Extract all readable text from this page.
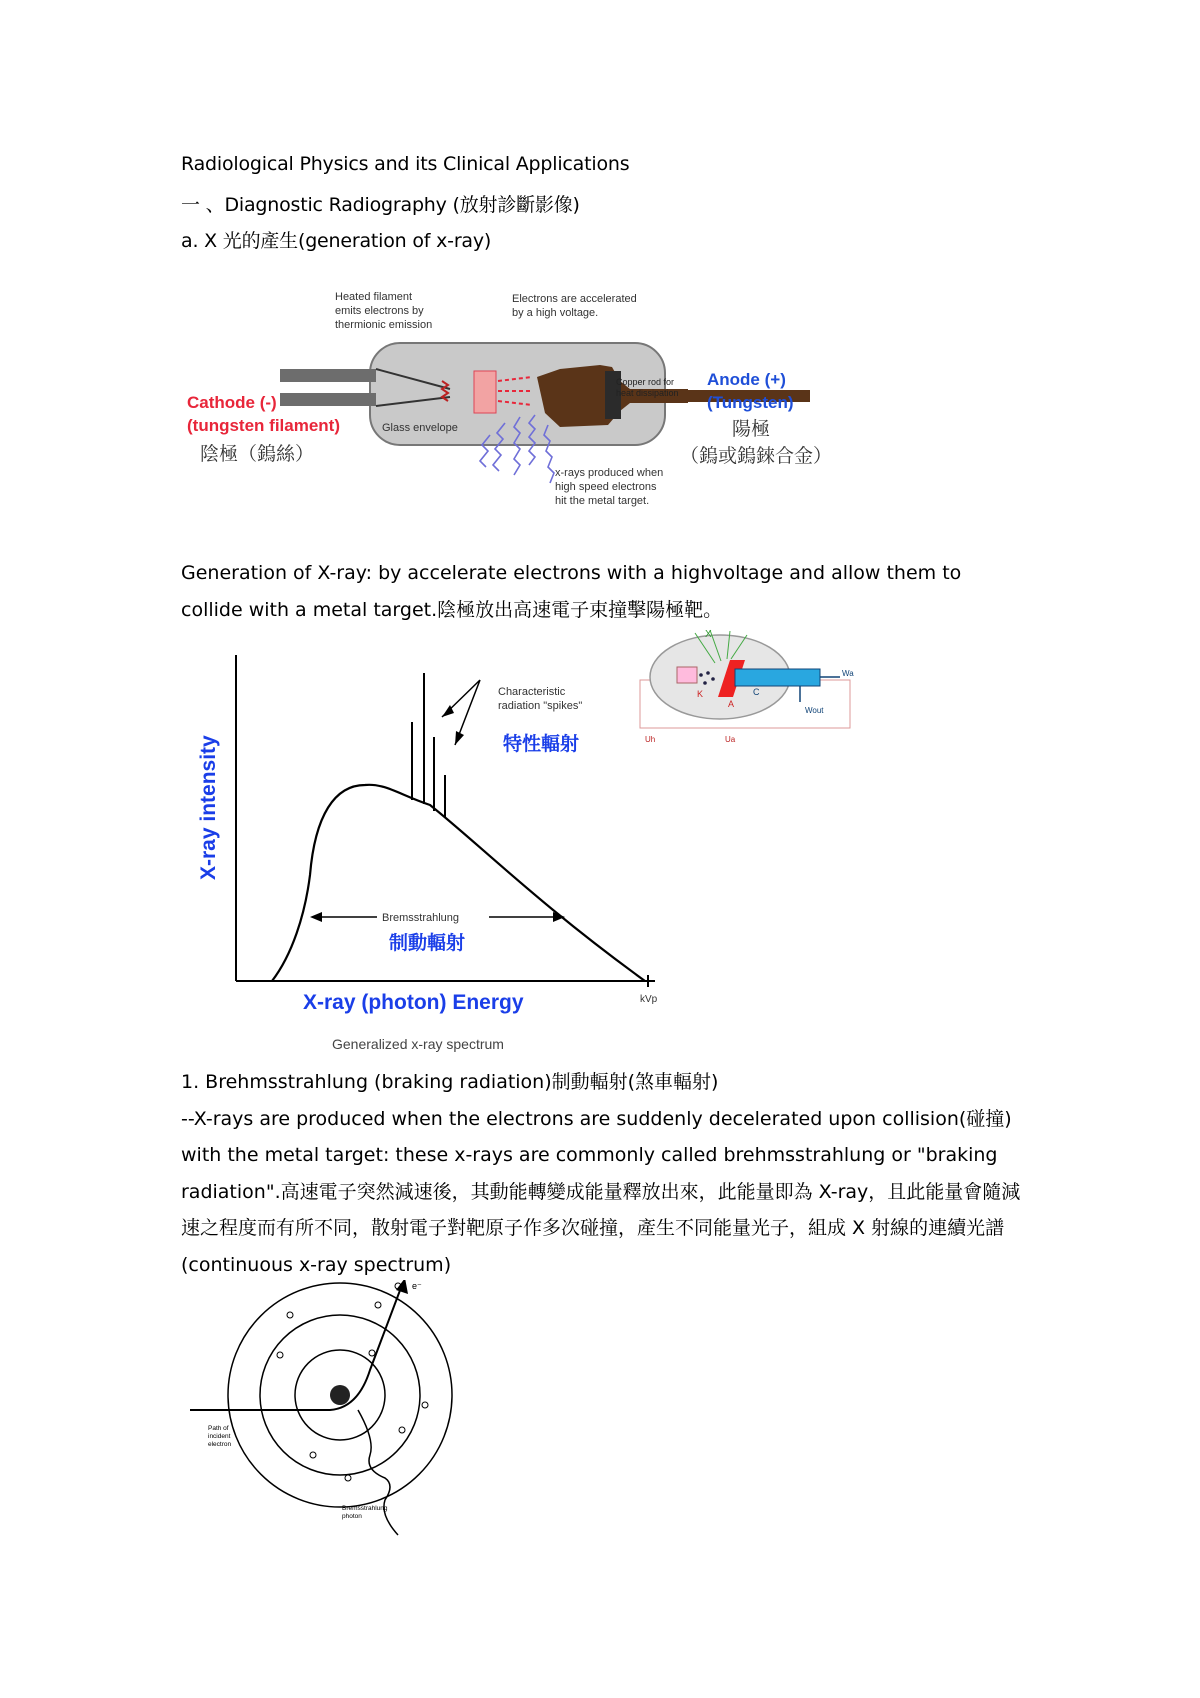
Radiological Physics and its Clinical Applications
一 、Diagnostic Radiography (放射診斷影像)
a. X 光的產生(generation of x-ray)
Heated filament
emits electrons by
thermionic emission
Electrons are accelerated
by a high voltage.
Copper rod for
heat dissipation
Glass envelope
x-rays produced when
high speed electrons
hit the metal target.
Cathode (-)
(tungsten filament)
陰極（鎢絲）
Anode (+)
(Tungsten)
陽極
（鎢或鎢錸合金）
Generation of X-ray: by accelerate electrons with a highvoltage and allow them to
collide with a metal target.陰極放出高速電子束撞擊陽極靶。
Bremsstrahlung
制動輻射
Characteristic
radiation "spikes"
特性輻射
X-ray intensity
X-ray (photon) Energy	kVp
Generalized x-ray spectrum
X
K
A
C
Wa
Wout
Uh	Ua
1. Brehmsstrahlung (braking radiation)制動輻射(煞車輻射)
--X-rays are produced when the electrons are suddenly decelerated upon collision(碰撞) with the metal target: these x-rays are commonly called brehmsstrahlung or "braking radiation".高速電子突然減速後，其動能轉變成能量釋放出來，此能量即為 X-ray，且此能量會隨減速之程度而有所不同，散射電子對靶原子作多次碰撞，產生不同能量光子，組成 X 射線的連續光譜(continuous x-ray spectrum)
e⁻
Path of
incident
electron
Bremsstrahlung
photon
